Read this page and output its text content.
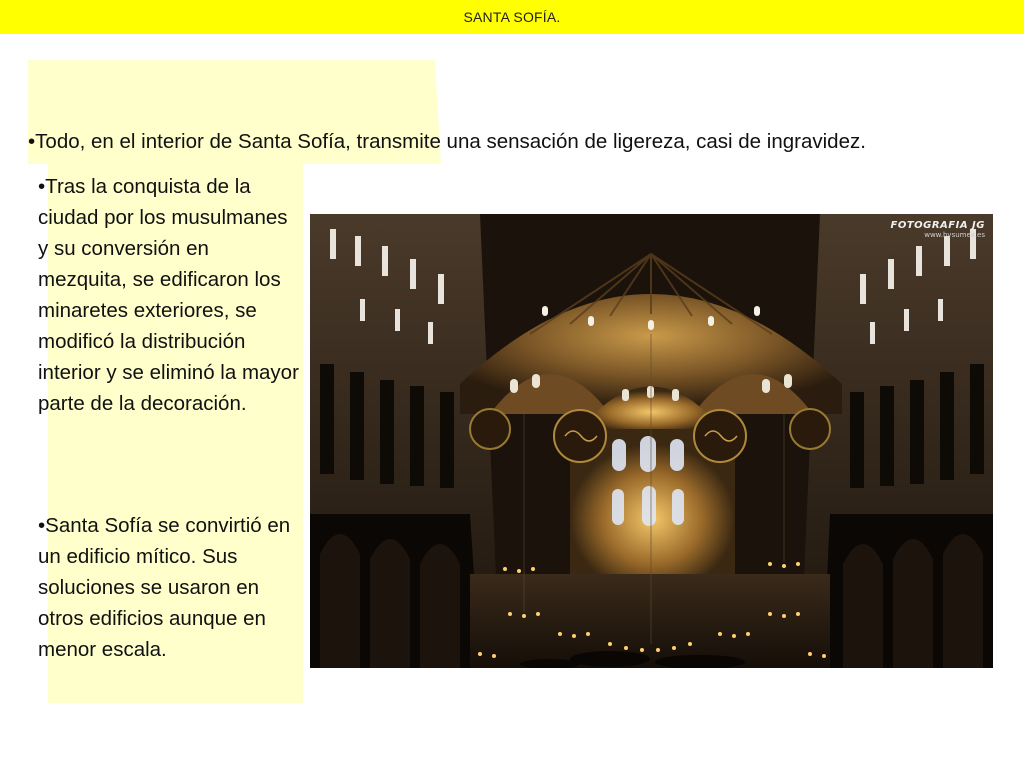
SANTA SOFÍA.

•Todo, en el interior de Santa Sofía, transmite una sensación de ligereza, casi de ingravidez.

•Tras la conquista de la ciudad por los musulmanes y su conversión en mezquita, se edificaron los minaretes exteriores, se modificó la distribución interior y se eliminó la mayor parte de la decoración.

•Santa Sofía se convirtió en un edificio mítico. Sus soluciones se usaron en otros edificios aunque en menor escala.

FOTOGRAFIA JG
www.bysumex.es
